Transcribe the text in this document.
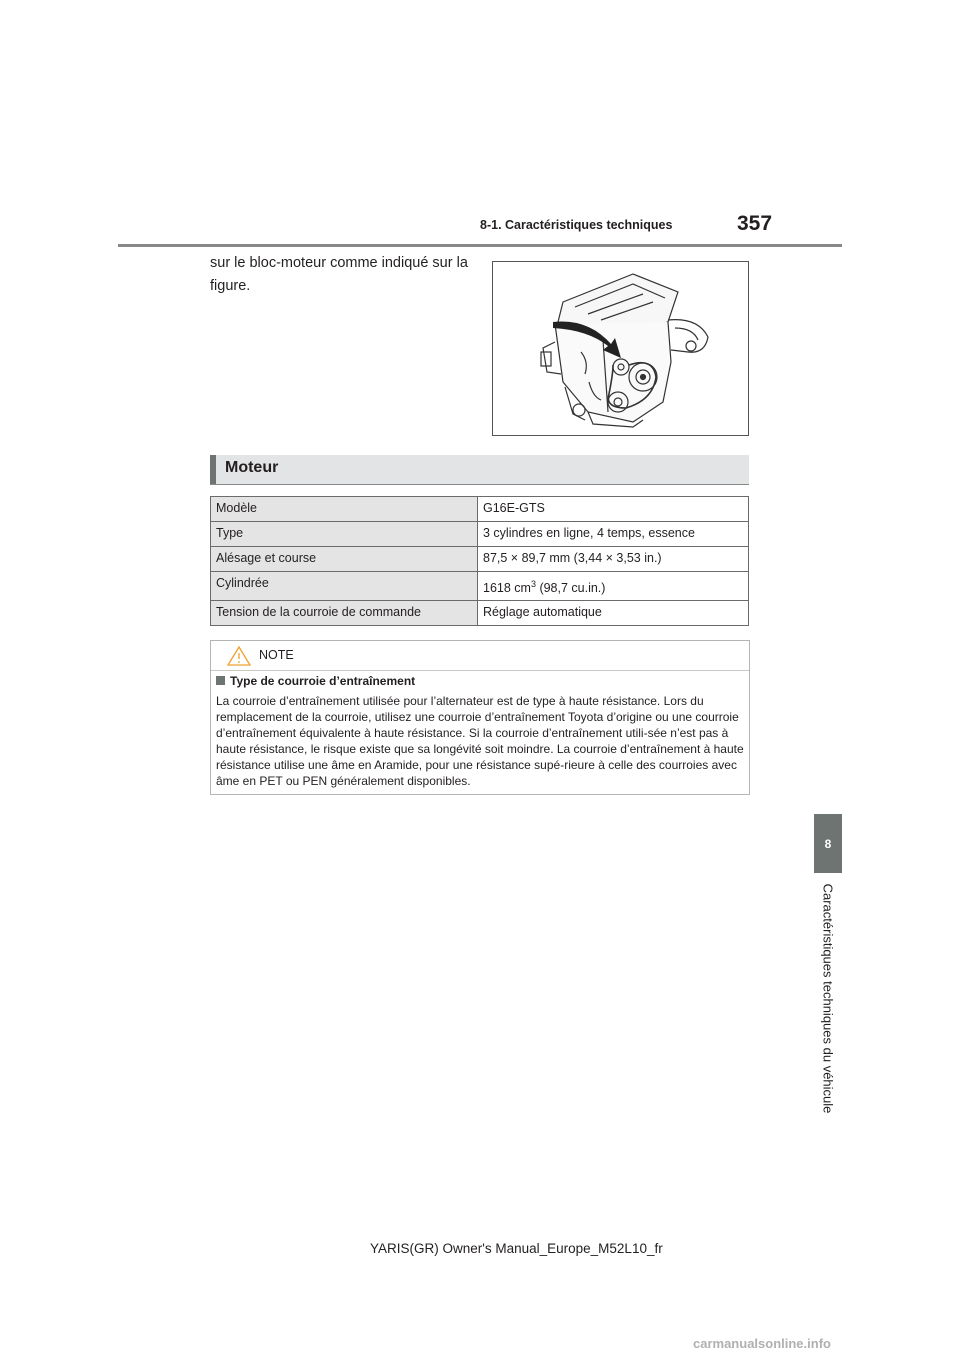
8-1. Caractéristiques techniques	357
sur le bloc-moteur comme indiqué sur la figure.
Moteur
Modèle	G16E-GTS
Type	3 cylindres en ligne, 4 temps, essence
Alésage et course	87,5 × 89,7 mm (3,44 × 3,53 in.)
Cylindrée	1618 $cm^3$ (98,7 cu.in.)
Tension de la courroie de commande	Réglage automatique
NOTE
Type de courroie d’entraînement
La courroie d’entraînement utilisée pour l’alternateur est de type à haute résistance. Lors du remplacement de la courroie, utilisez une courroie d’entraînement Toyota d’origine ou une courroie d’entraînement équivalente à haute résistance. Si la courroie d’entraînement utili-sée n’est pas à haute résistance, le risque existe que sa longévité soit moindre. La courroie d’entraînement à haute résistance utilise une âme en Aramide, pour une résistance supé-rieure à celle des courroies avec âme en PET ou PEN généralement disponibles.
8
Caractéristiques techniques du véhicule
YARIS(GR) Owner's Manual_Europe_M52L10_fr
carmanualsonline.info
